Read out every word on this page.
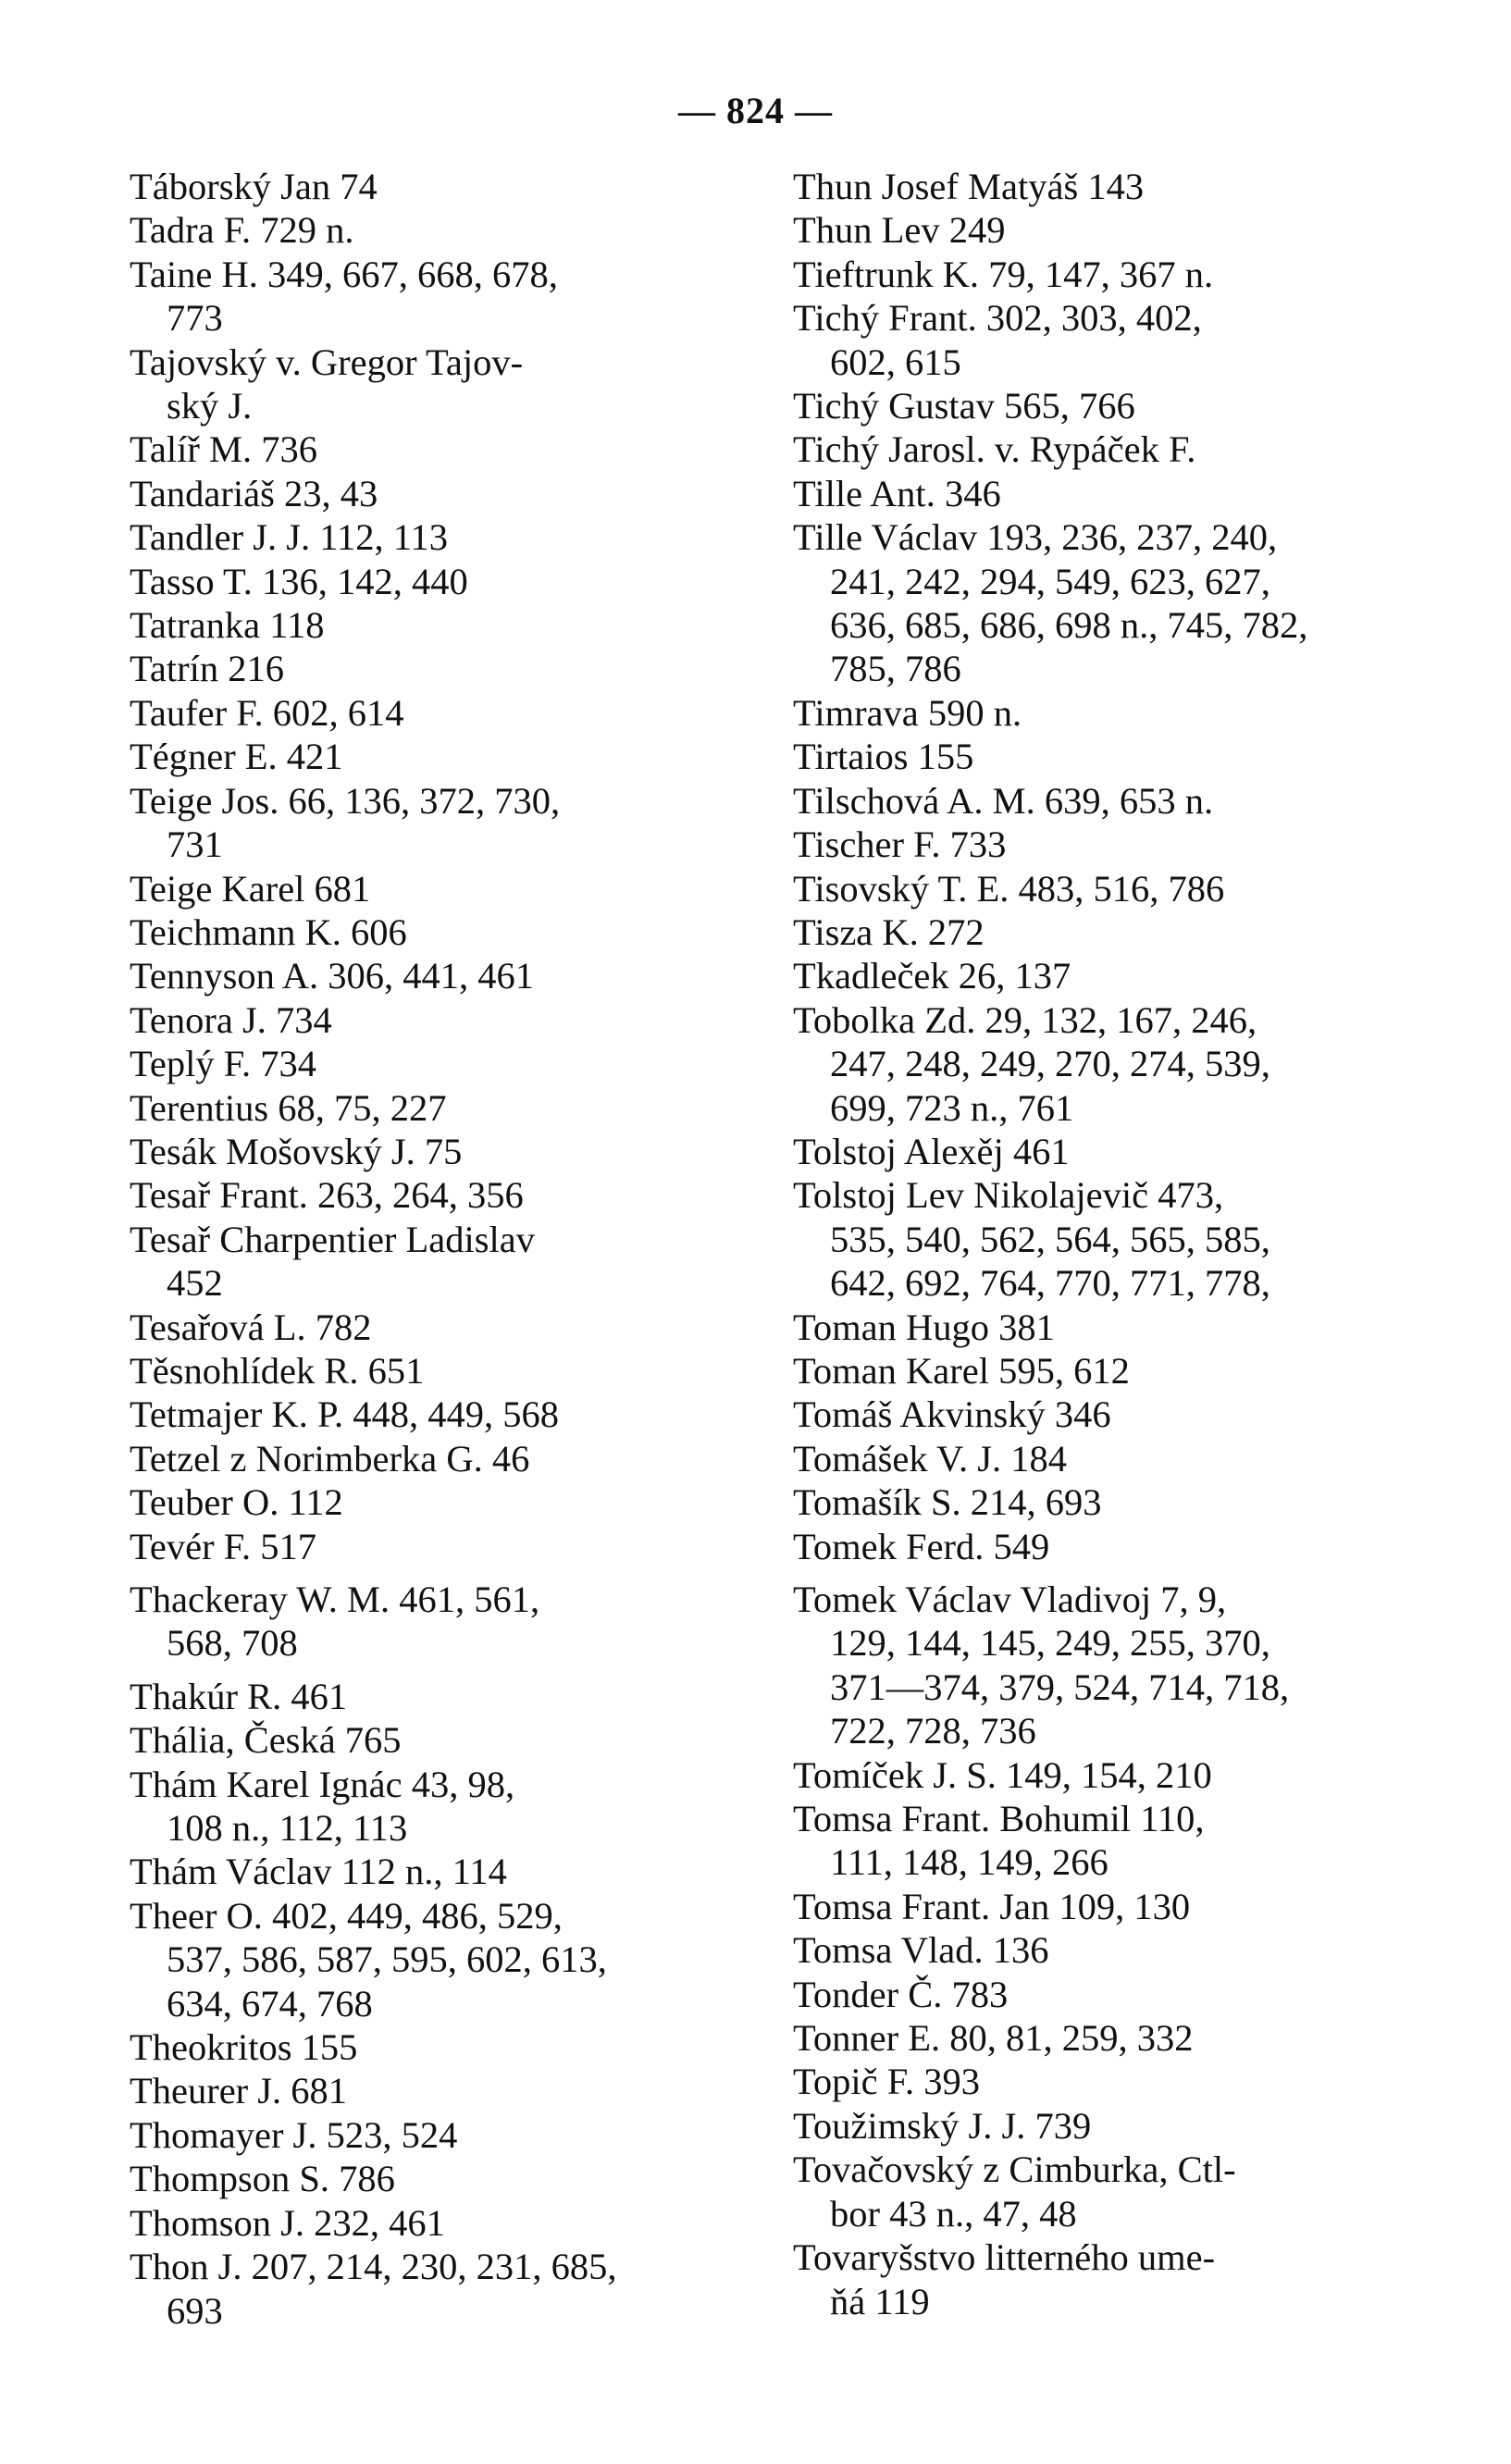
— 824 —
Táborský Jan 74
Tadra F. 729 n.
Taine H. 349, 667, 668, 678,
773
Tajovský v. Gregor Tajov-
ský J.
Talíř M. 736
Tandariáš 23, 43
Tandler J. J. 112, 113
Tasso T. 136, 142, 440
Tatranka 118
Tatrín 216
Taufer F. 602, 614
Tégner E. 421
Teige Jos. 66, 136, 372, 730,
731
Teige Karel 681
Teichmann K. 606
Tennyson A. 306, 441, 461
Tenora J. 734
Teplý F. 734
Terentius 68, 75, 227
Tesák Mošovský J. 75
Tesař Frant. 263, 264, 356
Tesař Charpentier Ladislav
452
Tesařová L. 782
Těsnohlídek R. 651
Tetmajer K. P. 448, 449, 568
Tetzel z Norimberka G. 46
Teuber O. 112
Tevér F. 517
Thackeray W. M. 461, 561,
568, 708
Thakúr R. 461
Thália, Česká 765
Thám Karel Ignác 43, 98,
108 n., 112, 113
Thám Václav 112 n., 114
Theer O. 402, 449, 486, 529,
537, 586, 587, 595, 602, 613,
634, 674, 768
Theokritos 155
Theurer J. 681
Thomayer J. 523, 524
Thompson S. 786
Thomson J. 232, 461
Thon J. 207, 214, 230, 231, 685,
693
Thun Josef Matyáš 143
Thun Lev 249
Tieftrunk K. 79, 147, 367 n.
Tichý Frant. 302, 303, 402,
602, 615
Tichý Gustav 565, 766
Tichý Jarosl. v. Rypáček F.
Tille Ant. 346
Tille Václav 193, 236, 237, 240,
241, 242, 294, 549, 623, 627,
636, 685, 686, 698 n., 745, 782,
785, 786
Timrava 590 n.
Tirtaios 155
Tilschová A. M. 639, 653 n.
Tischer F. 733
Tisovský T. E. 483, 516, 786
Tisza K. 272
Tkadleček 26, 137
Tobolka Zd. 29, 132, 167, 246,
247, 248, 249, 270, 274, 539,
699, 723 n., 761
Tolstoj Alexěj 461
Tolstoj Lev Nikolajevič 473,
535, 540, 562, 564, 565, 585,
642, 692, 764, 770, 771, 778,
Toman Hugo 381
Toman Karel 595, 612
Tomáš Akvinský 346
Tomášek V. J. 184
Tomašík S. 214, 693
Tomek Ferd. 549
Tomek Václav Vladivoj 7, 9,
129, 144, 145, 249, 255, 370,
371—374, 379, 524, 714, 718,
722, 728, 736
Tomíček J. S. 149, 154, 210
Tomsa Frant. Bohumil 110,
111, 148, 149, 266
Tomsa Frant. Jan 109, 130
Tomsa Vlad. 136
Tonder Č. 783
Tonner E. 80, 81, 259, 332
Topič F. 393
Toužimský J. J. 739
Tovačovský z Cimburka, Ctl-
bor 43 n., 47, 48
Tovaryšstvo litterného ume-
ňá 119
